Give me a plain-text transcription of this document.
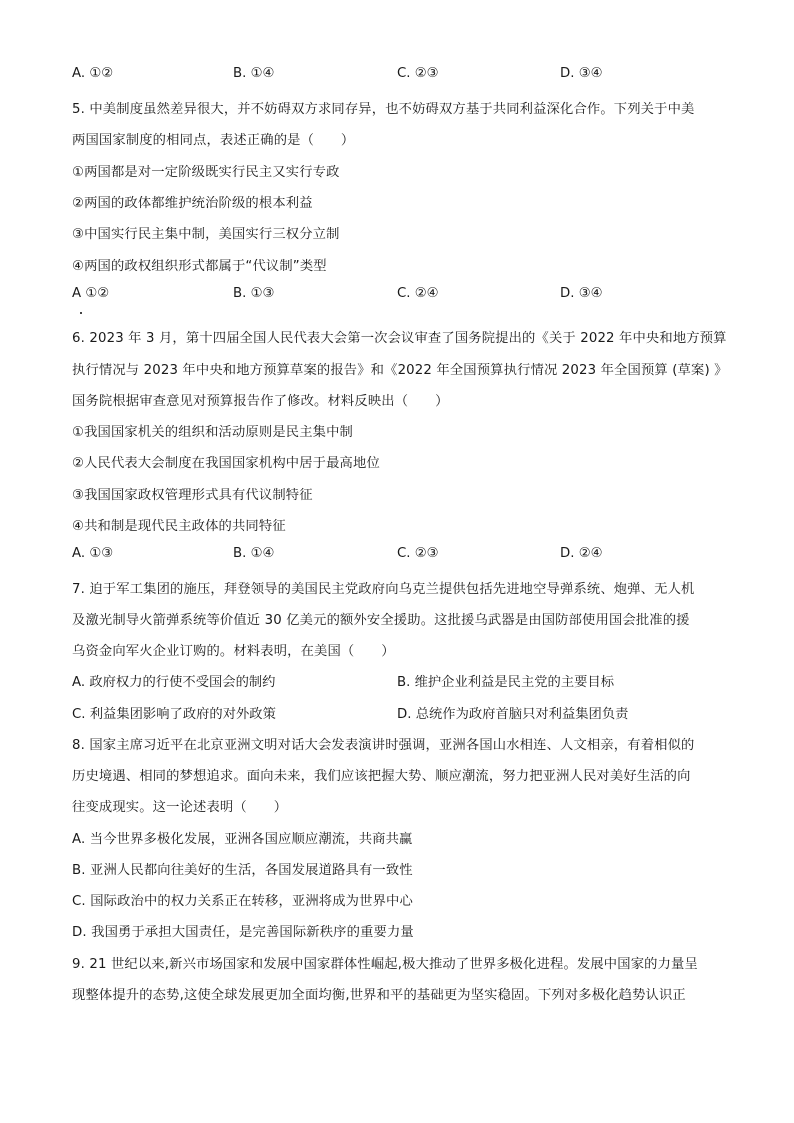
A. ①②	B. ①④	C. ②③	D. ③④
5. 中美制度虽然差异很大，并不妨碍双方求同存异，也不妨碍双方基于共同利益深化合作。下列关于中美
两国国家制度的相同点，表述正确的是（　　）
①两国都是对一定阶级既实行民主又实行专政
②两国的政体都维护统治阶级的根本利益
③中国实行民主集中制，美国实行三权分立制
④两国的政权组织形式都属于“代议制”类型
A ①②	B. ①③	C. ②④	D. ③④
6. 2023 年 3 月，第十四届全国人民代表大会第一次会议审查了国务院提出的《关于 2022 年中央和地方预算
执行情况与 2023 年中央和地方预算草案的报告》和《2022 年全国预算执行情况 2023 年全国预算 (草案) 》
国务院根据审查意见对预算报告作了修改。材料反映出（　　）
①我国国家机关的组织和活动原则是民主集中制
②人民代表大会制度在我国国家机构中居于最高地位
③我国国家政权管理形式具有代议制特征
④共和制是现代民主政体的共同特征
A. ①③	B. ①④	C. ②③	D. ②④
7. 迫于军工集团的施压，拜登领导的美国民主党政府向乌克兰提供包括先进地空导弹系统、炮弹、无人机
及激光制导火箭弹系统等价值近 30 亿美元的额外安全援助。这批援乌武器是由国防部使用国会批准的援
乌资金向军火企业订购的。材料表明，在美国（　　）
A. 政府权力的行使不受国会的制约	B. 维护企业利益是民主党的主要目标
C. 利益集团影响了政府的对外政策	D. 总统作为政府首脑只对利益集团负责
8. 国家主席习近平在北京亚洲文明对话大会发表演讲时强调，亚洲各国山水相连、人文相亲，有着相似的
历史境遇、相同的梦想追求。面向未来，我们应该把握大势、顺应潮流，努力把亚洲人民对美好生活的向
往变成现实。这一论述表明（　　）
A. 当今世界多极化发展，亚洲各国应顺应潮流，共商共赢
B. 亚洲人民都向往美好的生活，各国发展道路具有一致性
C. 国际政治中的权力关系正在转移，亚洲将成为世界中心
D. 我国勇于承担大国责任，是完善国际新秩序的重要力量
9. 21 世纪以来,新兴市场国家和发展中国家群体性崛起,极大推动了世界多极化进程。发展中国家的力量呈
现整体提升的态势,这使全球发展更加全面均衡,世界和平的基础更为坚实稳固。下列对多极化趋势认识正
